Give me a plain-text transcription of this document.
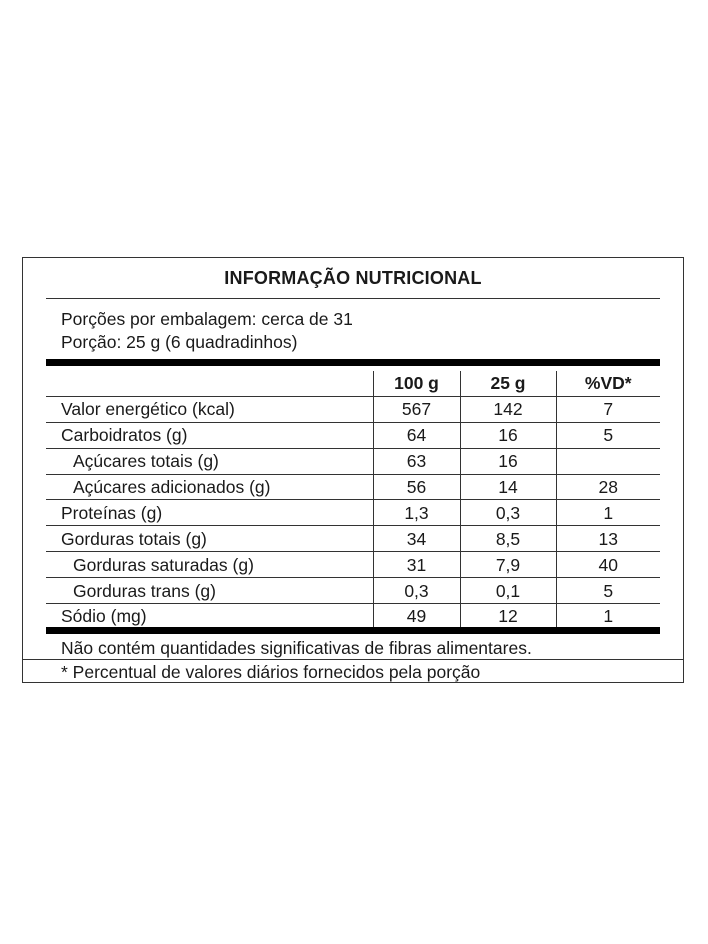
INFORMAÇÃO NUTRICIONAL
Porções por embalagem: cerca de 31
Porção: 25 g (6 quadradinhos)
	100 g	25 g	%VD*
Valor energético (kcal)	567	142	7
Carboidratos (g)	64	16	5
Açúcares totais (g)	63	16	
Açúcares adicionados (g)	56	14	28
Proteínas (g)	1,3	0,3	1
Gorduras totais (g)	34	8,5	13
Gorduras saturadas (g)	31	7,9	40
Gorduras trans (g)	0,3	0,1	5
Sódio (mg)	49	12	1
Não contém quantidades significativas de fibras alimentares.
* Percentual de valores diários fornecidos pela porção
